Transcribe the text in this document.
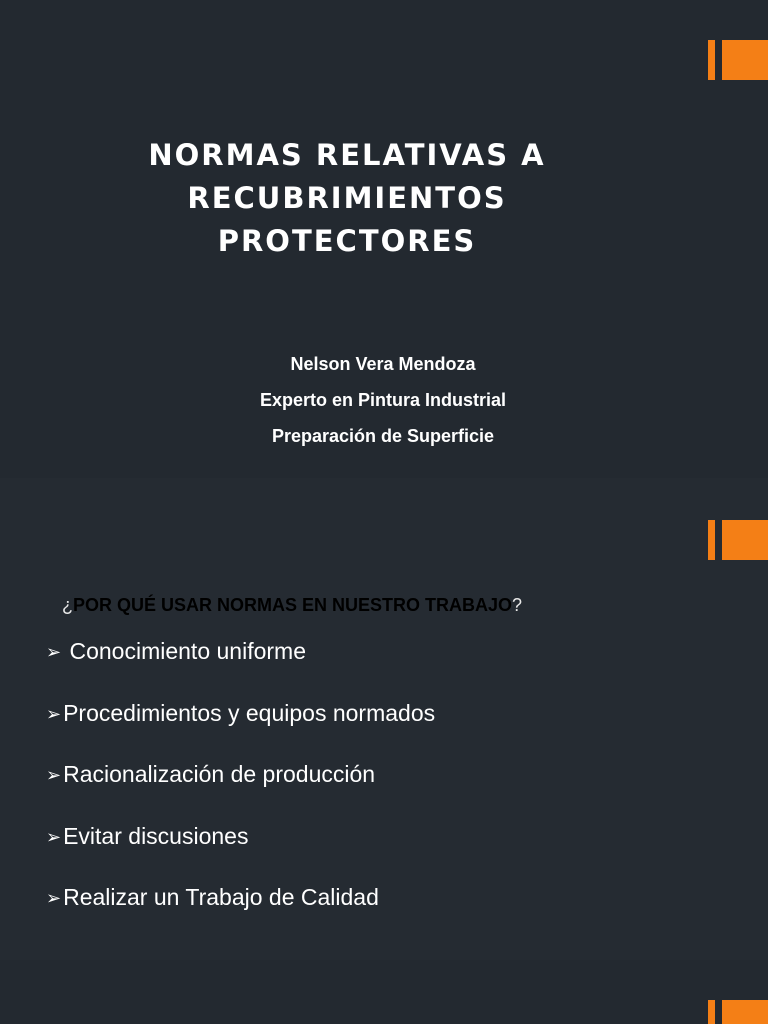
NORMAS RELATIVAS A RECUBRIMIENTOS PROTECTORES
Nelson Vera Mendoza
Experto en Pintura Industrial
Preparación de Superficie
¿POR QUÉ USAR NORMAS EN NUESTRO TRABAJO?
➢ Conocimiento uniforme
➢Procedimientos y equipos normados
➢Racionalización de producción
➢Evitar discusiones
➢Realizar un Trabajo de Calidad
